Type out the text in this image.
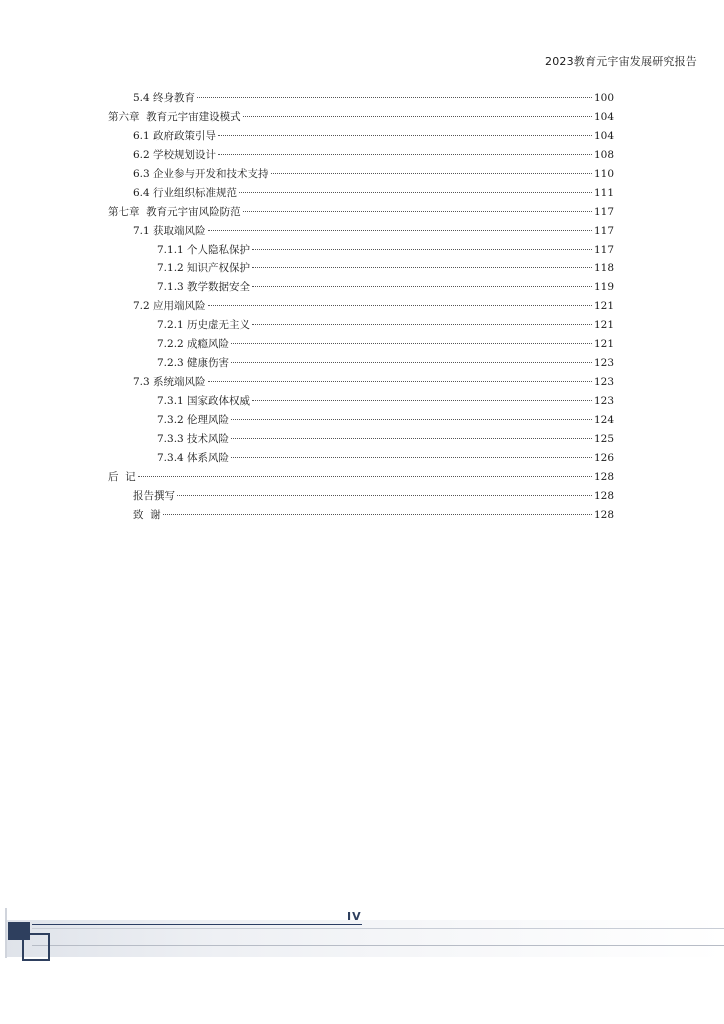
2023教育元宇宙发展研究报告
5.4 终身教育	100
第六章  教育元宇宙建设模式	104
6.1 政府政策引导	104
6.2 学校规划设计	108
6.3 企业参与开发和技术支持	110
6.4 行业组织标准规范	111
第七章  教育元宇宙风险防范	117
7.1 获取端风险	117
7.1.1 个人隐私保护	117
7.1.2 知识产权保护	118
7.1.3 教学数据安全	119
7.2 应用端风险	121
7.2.1 历史虚无主义	121
7.2.2 成瘾风险	121
7.2.3 健康伤害	123
7.3 系统端风险	123
7.3.1 国家政体权威	123
7.3.2 伦理风险	124
7.3.3 技术风险	125
7.3.4 体系风险	126
后  记	128
报告撰写	128
致  谢	128
IV
